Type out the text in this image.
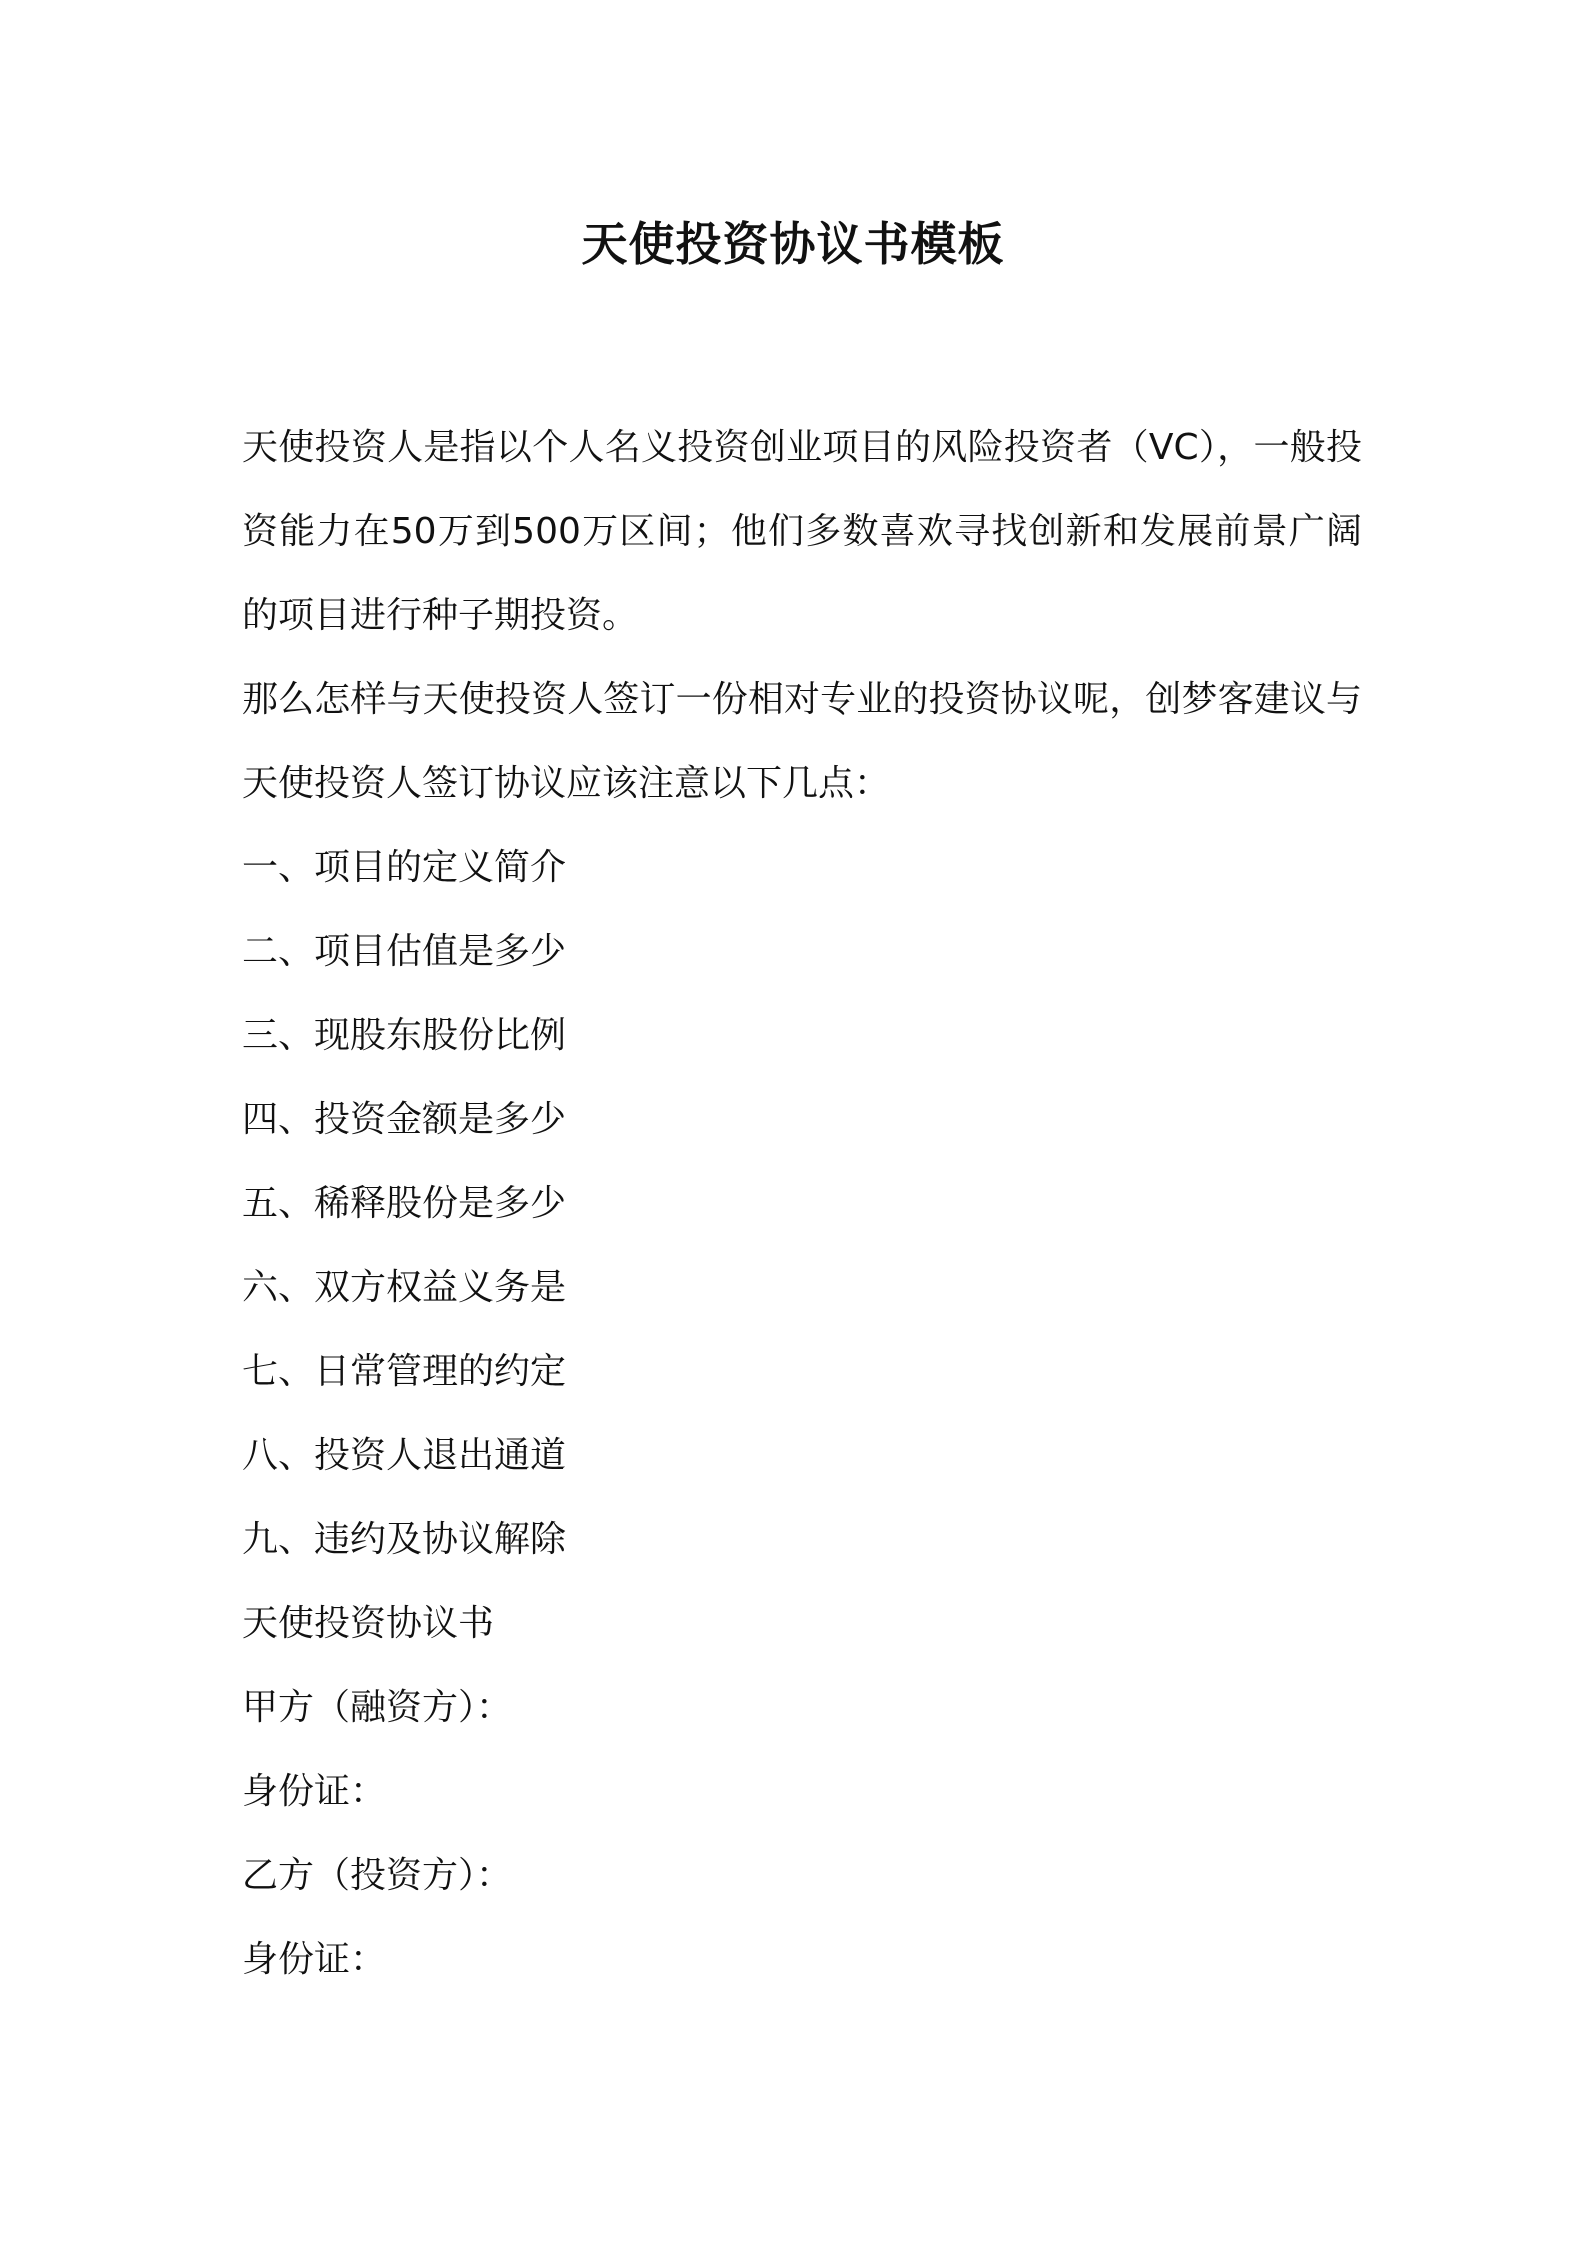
天使投资协议书模板

天使投资人是指以个人名义投资创业项目的风险投资者（VC），一般投资能力在50万到500万区间；他们多数喜欢寻找创新和发展前景广阔的项目进行种子期投资。

那么怎样与天使投资人签订一份相对专业的投资协议呢，创梦客建议与天使投资人签订协议应该注意以下几点：

一、项目的定义简介

二、项目估值是多少

三、现股东股份比例

四、投资金额是多少

五、稀释股份是多少

六、双方权益义务是

七、日常管理的约定

八、投资人退出通道

九、违约及协议解除

天使投资协议书

甲方（融资方）：

身份证：

乙方（投资方）：

身份证：
